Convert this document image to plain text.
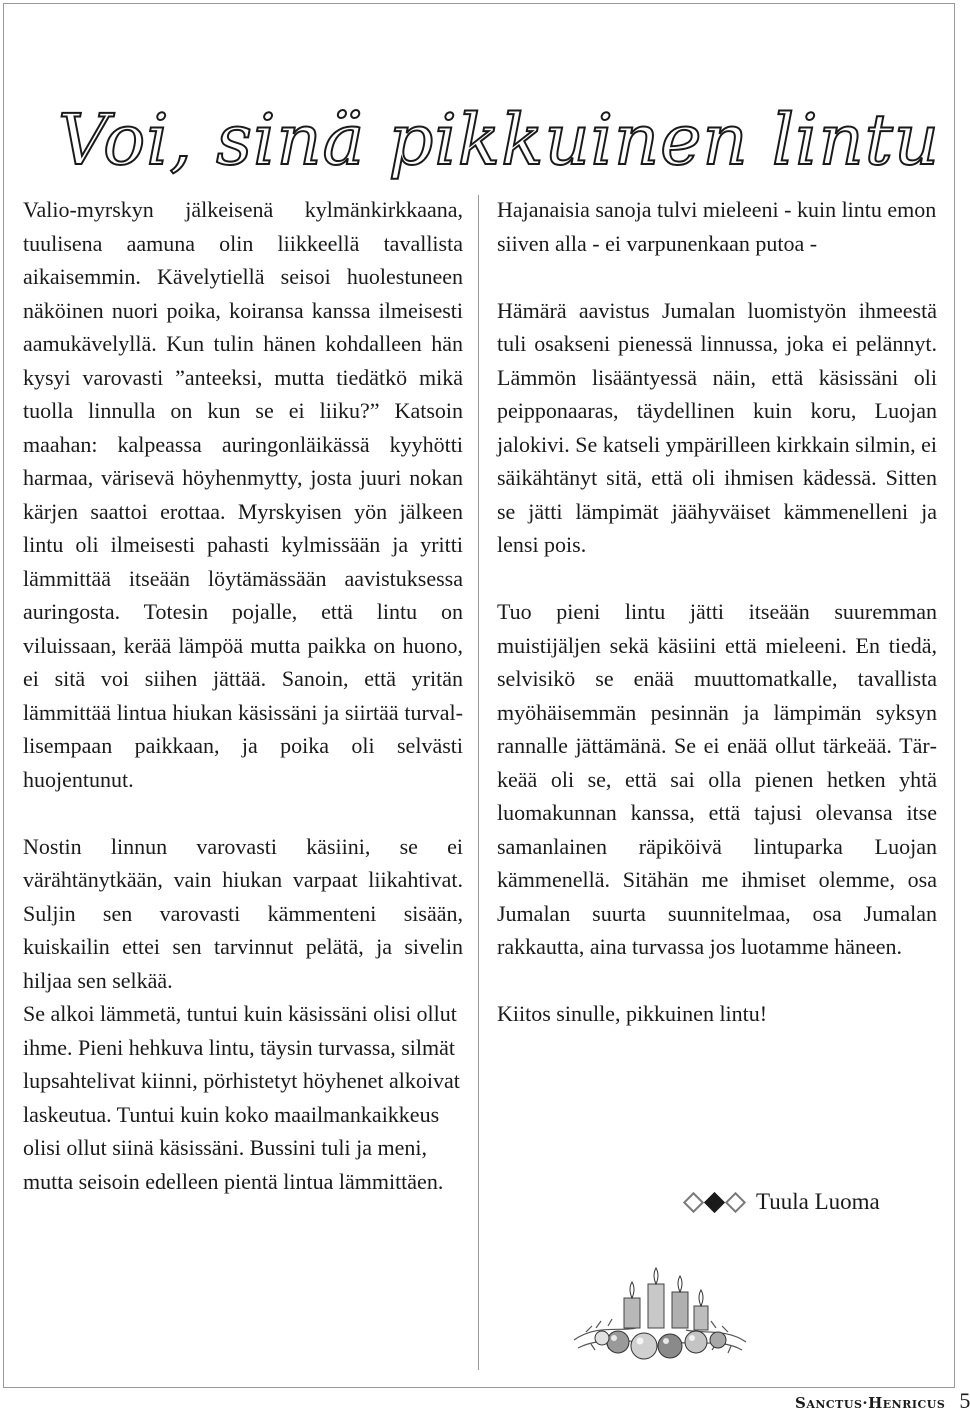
Voi, sinä pikkuinen lintu

Valio-myrskyn jälkeisenä kylmänkirkkaana, tuulisena aamuna olin liikkeellä tavallista aikaisemmin. Kävelytiellä seisoi huolestuneen näköinen nuori poika, koiransa kanssa ilmeisesti aamukävelyllä. Kun tulin hänen kohdalleen hän kysyi varovasti ”anteeksi, mutta tiedätkö mikä tuolla linnulla on kun se ei liiku?” Katsoin maahan: kalpeassa auringonläikässä kyyhötti harmaa, värisevä höyhenmytty, josta juuri nokan kärjen saattoi erottaa. Myrskyisen yön jälkeen lintu oli ilmeisesti pahasti kylmissään ja yritti lämmittää itseään löytämässään aavistuksessa auringosta. Totesin pojalle, että lintu on viluissaan, kerää lämpöä mutta paikka on huono, ei sitä voi siihen jättää. Sanoin, että yritän lämmittää lintua hiukan käsissäni ja siirtää turvallisempaan paikkaan, ja poika oli selvästi huojentunut.

Nostin linnun varovasti käsiini, se ei värähtänytkään, vain hiukan varpaat liikahtivat. Suljin sen varovasti kämmenteni sisään, kuiskailin ettei sen tarvinnut pelätä, ja sivelin hiljaa sen selkää.

Se alkoi lämmetä, tuntui kuin käsissäni olisi ollut ihme. Pieni hehkuva lintu, täysin turvassa, silmät lupsahtelivat kiinni, pörhistetyt höyhenet alkoivat laskeutua. Tuntui kuin koko maailmankaikkeus olisi ollut siinä käsissäni. Bussini tuli ja meni, mutta seisoin edelleen pientä lintua lämmittäen.

Hajanaisia sanoja tulvi mieleeni - kuin lintu emon siiven alla - ei varpunenkaan putoa -

Hämärä aavistus Jumalan luomistyön ihmeestä tuli osakseni pienessä linnussa, joka ei pelännyt. Lämmön lisääntyessä näin, että käsissäni oli peipponaaras, täydellinen kuin koru, Luojan jalokivi. Se katseli ympärilleen kirkkain silmin, ei säikähtänyt sitä, että oli ihmisen kädessä. Sitten se jätti lämpimät jäähyväiset kämmenelleni ja lensi pois.

Tuo pieni lintu jätti itseään suuremman muistijäljen sekä käsiini että mieleeni. En tiedä, selvisikö se enää muuttomatkalle, tavallista myöhäisemmän pesinnän ja lämpimän syksyn rannalle jättämänä. Se ei enää ollut tärkeää. Tärkeää oli se, että sai olla pienen hetken yhtä luomakunnan kanssa, että tajusi olevansa itse samanlainen räpiköivä lintuparka Luojan kämmenellä. Sitähän me ihmiset olemme, osa Jumalan suurta suunnitelmaa, osa Jumalan rakkautta, aina turvassa jos luotamme häneen.

Kiitos sinulle, pikkuinen lintu!

Tuula Luoma
Sanctus·Henricus 5
